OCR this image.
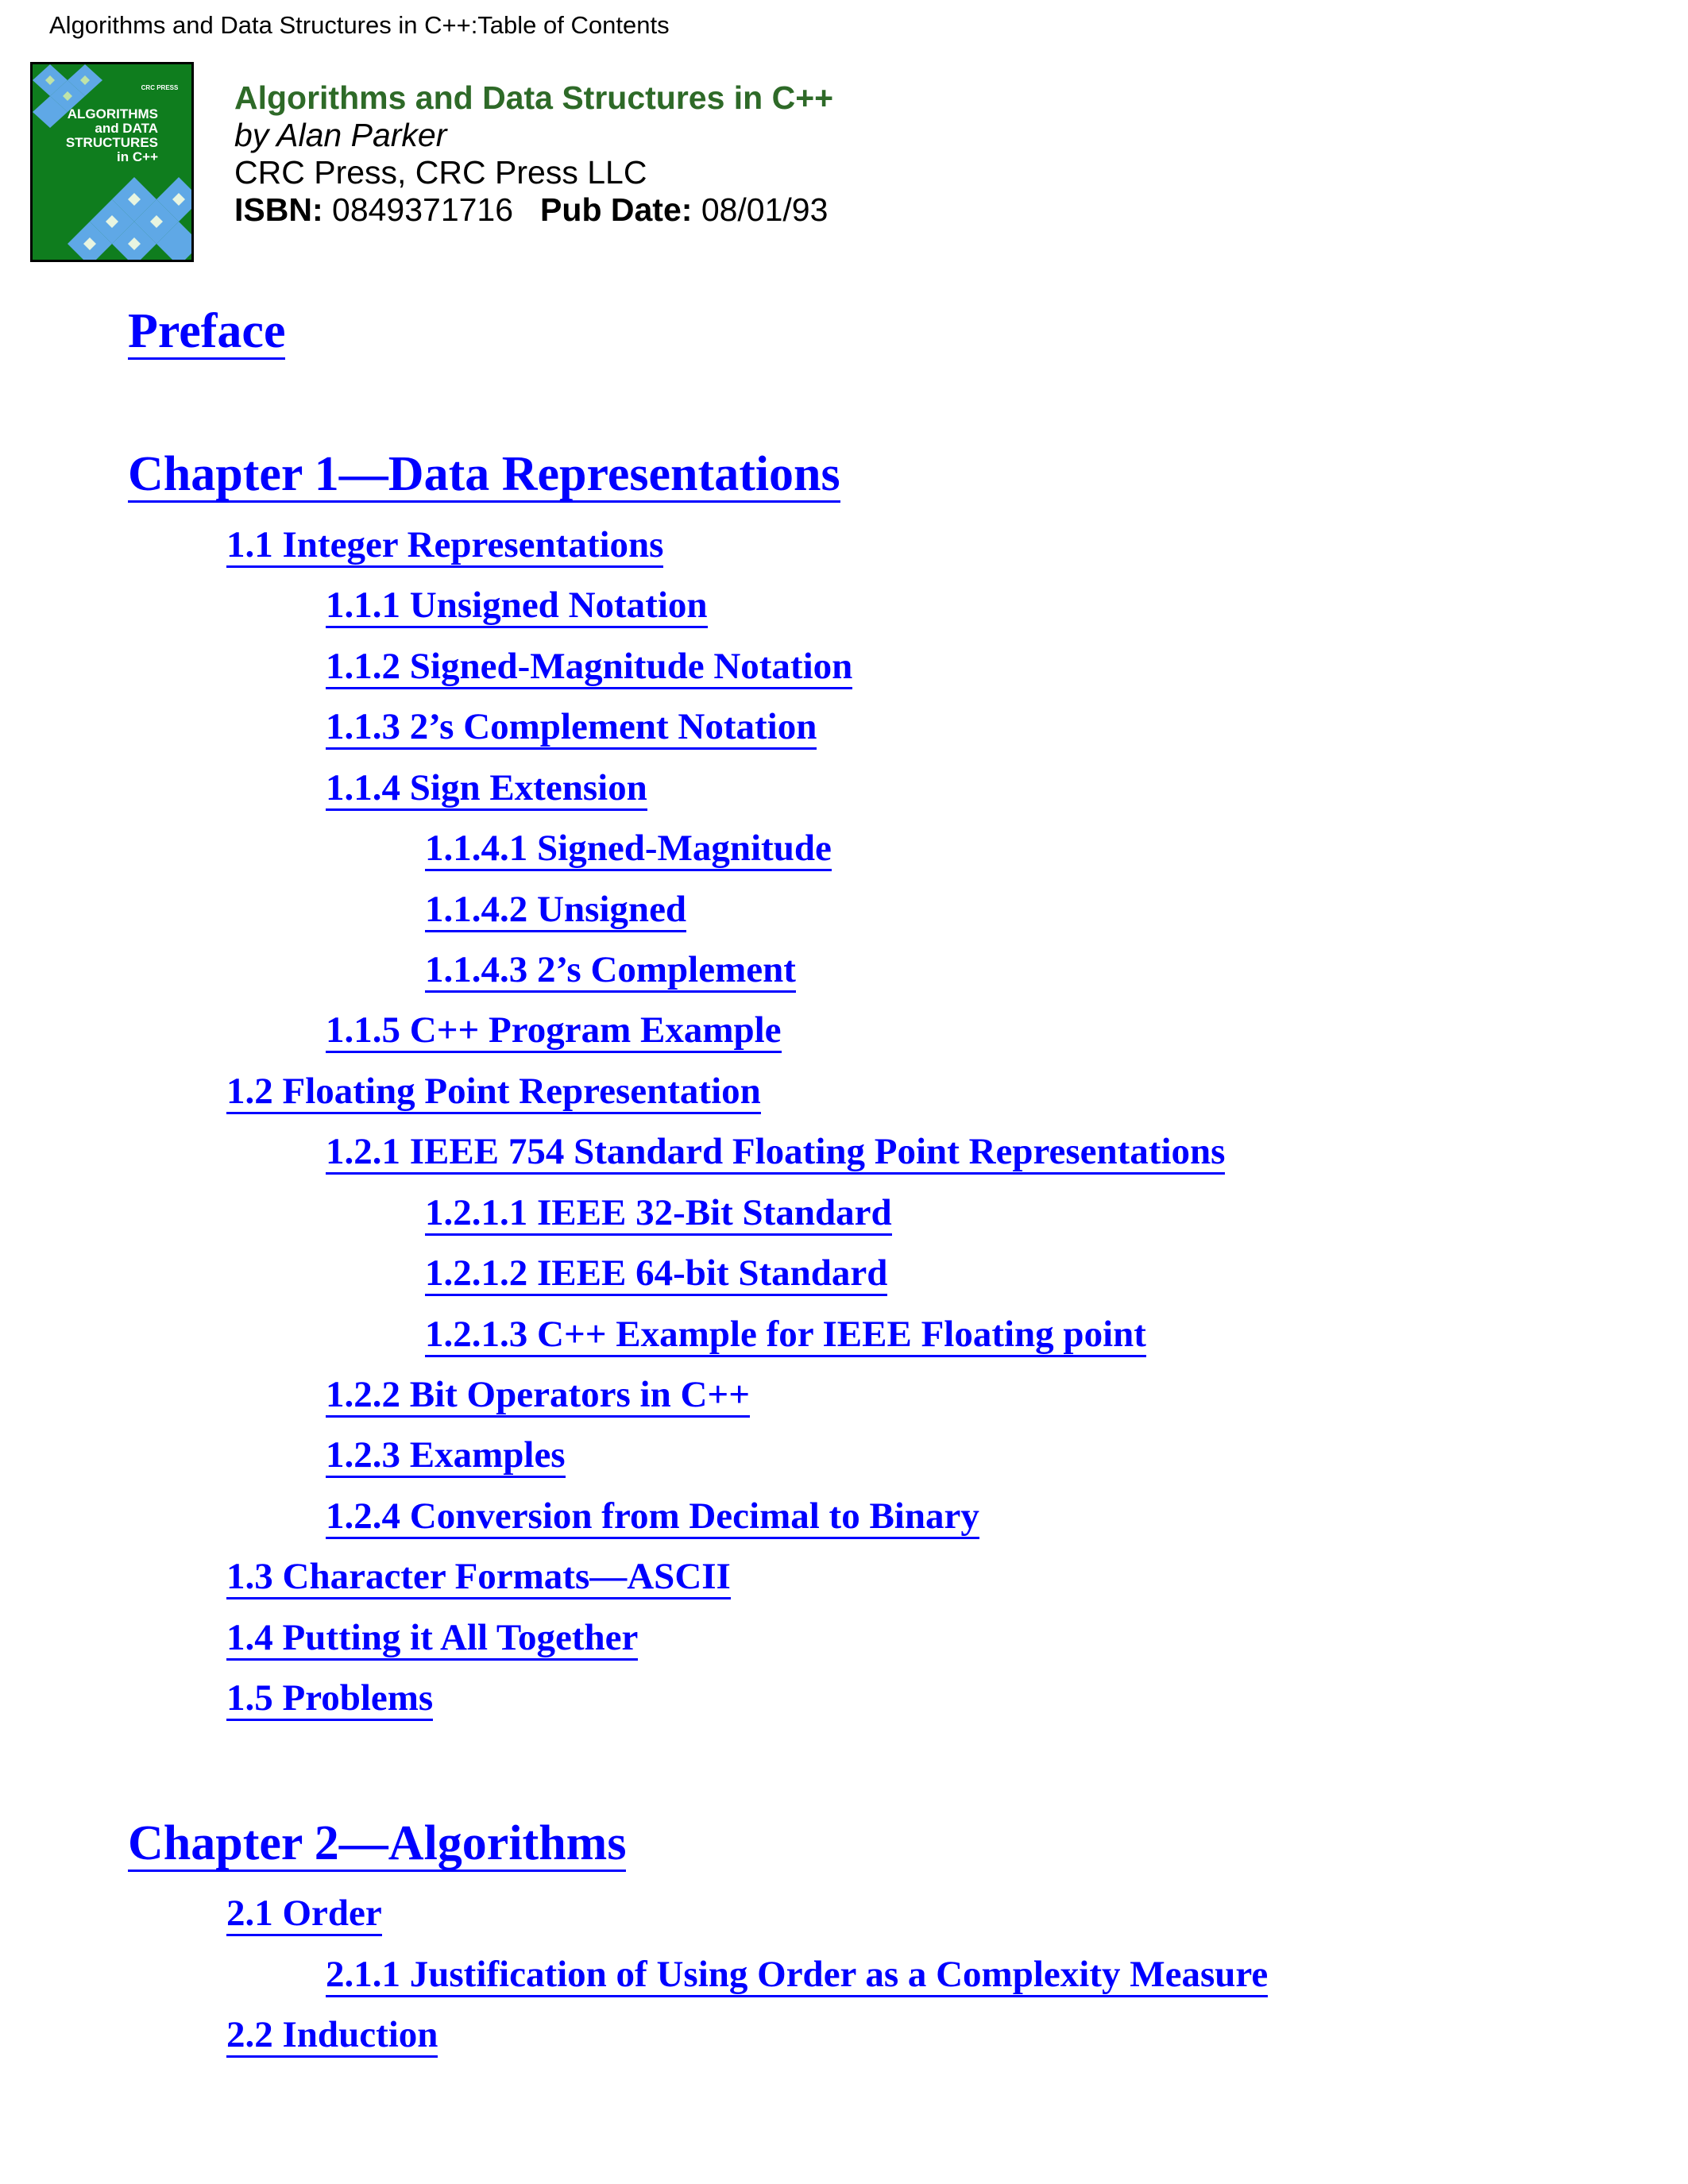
Algorithms and Data Structures in C++:Table of Contents
CRC PRESS
ALGORITHMS
and DATA
STRUCTURES
in C++
Algorithms and Data Structures in C++
by Alan Parker
CRC Press, CRC Press LLC
ISBN: 0849371716 Pub Date: 08/01/93
Preface
Chapter 1—Data Representations
1.1 Integer Representations
1.1.1 Unsigned Notation
1.1.2 Signed-Magnitude Notation
1.1.3 2’s Complement Notation
1.1.4 Sign Extension
1.1.4.1 Signed-Magnitude
1.1.4.2 Unsigned
1.1.4.3 2’s Complement
1.1.5 C++ Program Example
1.2 Floating Point Representation
1.2.1 IEEE 754 Standard Floating Point Representations
1.2.1.1 IEEE 32-Bit Standard
1.2.1.2 IEEE 64-bit Standard
1.2.1.3 C++ Example for IEEE Floating point
1.2.2 Bit Operators in C++
1.2.3 Examples
1.2.4 Conversion from Decimal to Binary
1.3 Character Formats—ASCII
1.4 Putting it All Together
1.5 Problems
Chapter 2—Algorithms
2.1 Order
2.1.1 Justification of Using Order as a Complexity Measure
2.2 Induction
